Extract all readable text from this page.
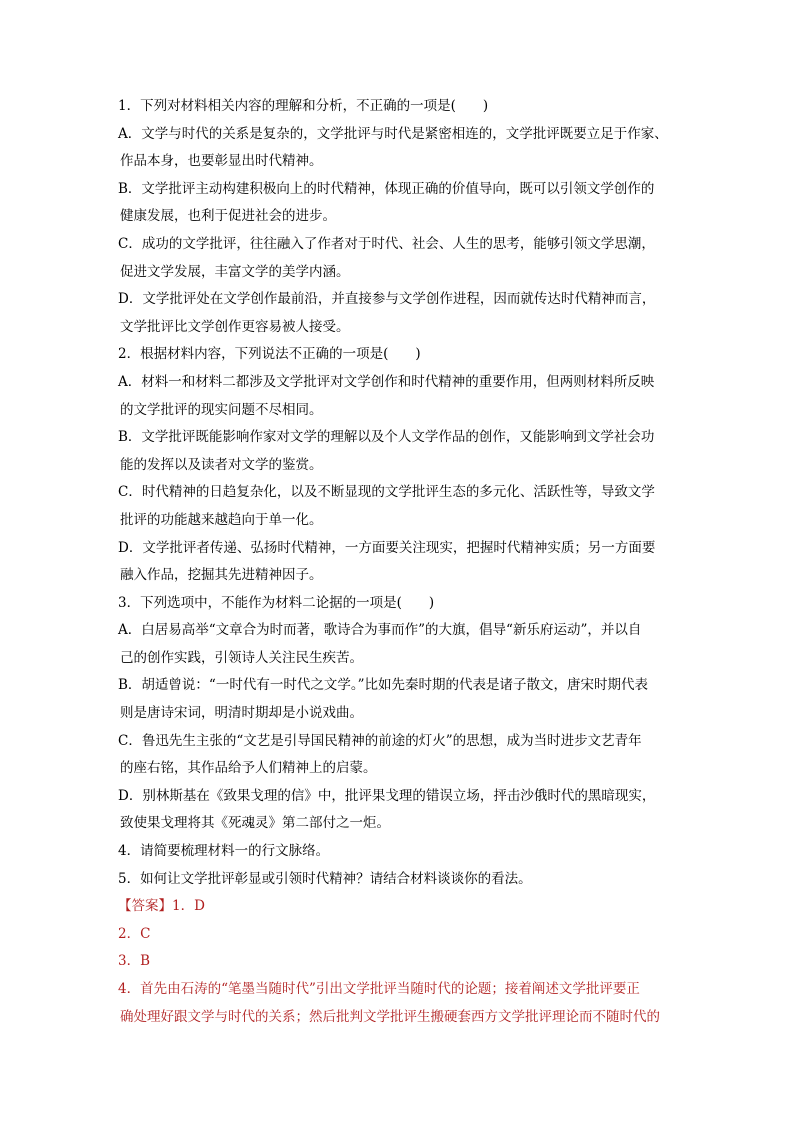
1．下列对材料相关内容的理解和分析，不正确的一项是(　　)
A．文学与时代的关系是复杂的，文学批评与时代是紧密相连的，文学批评既要立足于作家、
作品本身，也要彰显出时代精神。
B．文学批评主动构建积极向上的时代精神，体现正确的价值导向，既可以引领文学创作的
健康发展，也利于促进社会的进步。
C．成功的文学批评，往往融入了作者对于时代、社会、人生的思考，能够引领文学思潮，
促进文学发展，丰富文学的美学内涵。
D．文学批评处在文学创作最前沿，并直接参与文学创作进程，因而就传达时代精神而言，
文学批评比文学创作更容易被人接受。
2．根据材料内容，下列说法不正确的一项是(　　)
A．材料一和材料二都涉及文学批评对文学创作和时代精神的重要作用，但两则材料所反映
的文学批评的现实问题不尽相同。
B．文学批评既能影响作家对文学的理解以及个人文学作品的创作，又能影响到文学社会功
能的发挥以及读者对文学的鉴赏。
C．时代精神的日趋复杂化，以及不断显现的文学批评生态的多元化、活跃性等，导致文学
批评的功能越来越趋向于单一化。
D．文学批评者传递、弘扬时代精神，一方面要关注现实，把握时代精神实质；另一方面要
融入作品，挖掘其先进精神因子。
3．下列选项中，不能作为材料二论据的一项是(　　)
A．白居易高举“文章合为时而著，歌诗合为事而作”的大旗，倡导“新乐府运动”，并以自
己的创作实践，引领诗人关注民生疾苦。
B．胡适曾说：“一时代有一时代之文学。”比如先秦时期的代表是诸子散文，唐宋时期代表
则是唐诗宋词，明清时期却是小说戏曲。
C．鲁迅先生主张的“文艺是引导国民精神的前途的灯火”的思想，成为当时进步文艺青年
的座右铭，其作品给予人们精神上的启蒙。
D．别林斯基在《致果戈理的信》中，批评果戈理的错误立场，抨击沙俄时代的黑暗现实，
致使果戈理将其《死魂灵》第二部付之一炬。
4．请简要梳理材料一的行文脉络。
5．如何让文学批评彰显或引领时代精神？请结合材料谈谈你的看法。
【答案】1．D
2．C
3．B
4．首先由石涛的“笔墨当随时代”引出文学批评当随时代的论题；接着阐述文学批评要正
确处理好跟文学与时代的关系；然后批判文学批评生搬硬套西方文学批评理论而不随时代的
